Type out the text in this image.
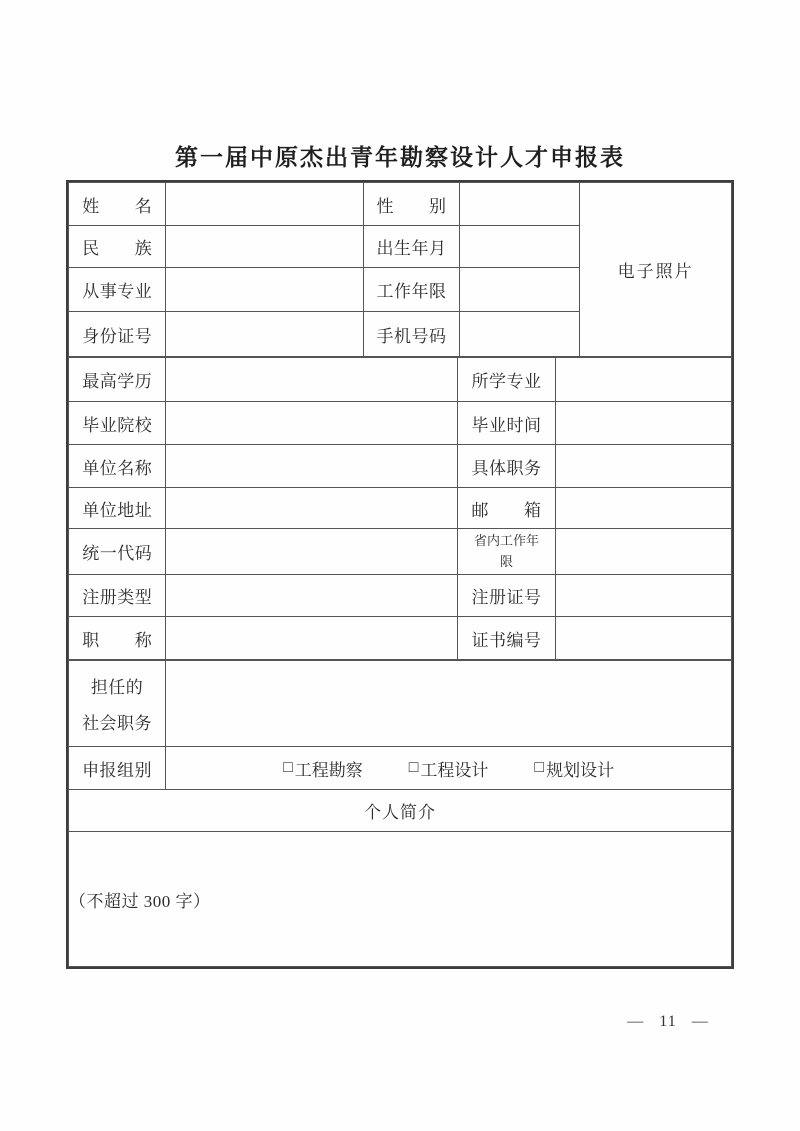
第一届中原杰出青年勘察设计人才申报表
姓　　名		性　　别		电子照片
民　　族		出生年月		
从事专业		工作年限		
身份证号		手机号码		
最高学历		所学专业	
毕业院校		毕业时间	
单位名称		具体职务	
单位地址		邮　　箱	
统一代码		省内工作年限	
注册类型		注册证号	
职　　称		证书编号	
担任的
社会职务	

申报组别	□ 工程勘察	□ 工程设计	□ 规划设计

个人简介	
（不超过 300 字）	
— 11 —
